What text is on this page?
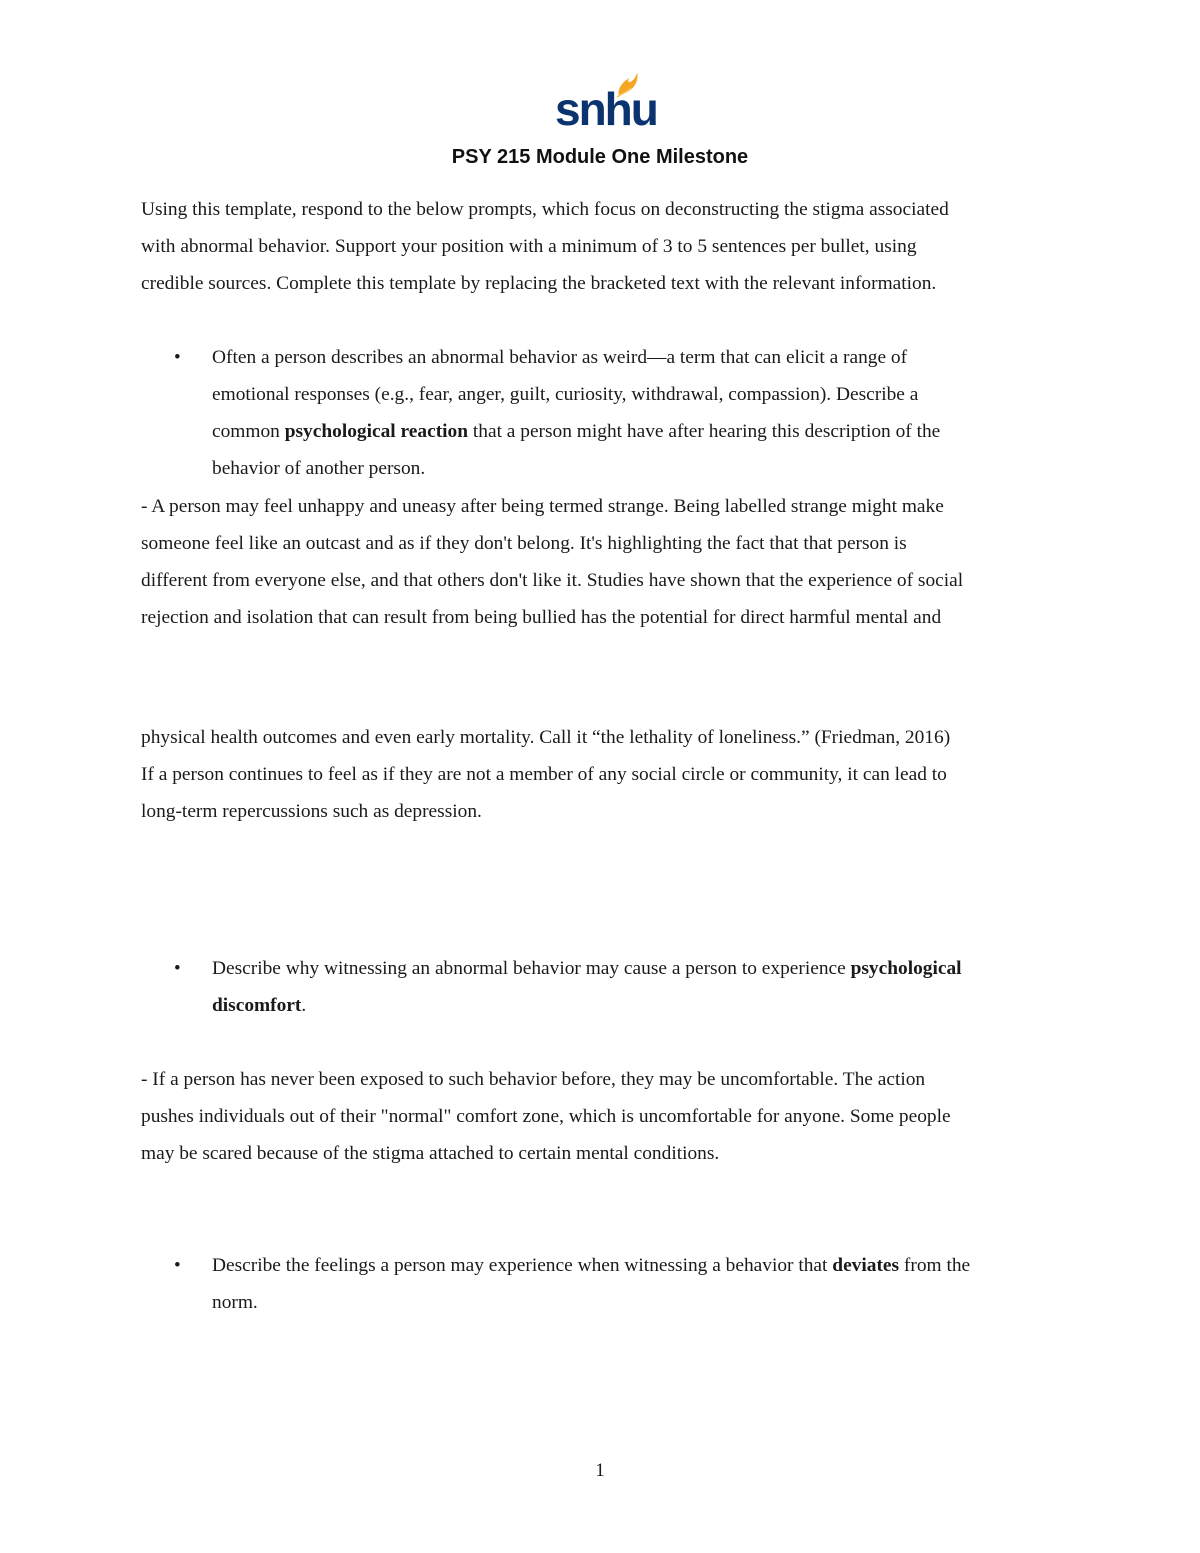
snhu
PSY 215 Module One Milestone
Using this template, respond to the below prompts, which focus on deconstructing the stigma associated
with abnormal behavior. Support your position with a minimum of 3 to 5 sentences per bullet, using
credible sources. Complete this template by replacing the bracketed text with the relevant information.
• Often a person describes an abnormal behavior as weird—a term that can elicit a range of
emotional responses (e.g., fear, anger, guilt, curiosity, withdrawal, compassion). Describe a
common psychological reaction that a person might have after hearing this description of the
behavior of another person.
- A person may feel unhappy and uneasy after being termed strange. Being labelled strange might make
someone feel like an outcast and as if they don't belong. It's highlighting the fact that that person is
different from everyone else, and that others don't like it. Studies have shown that the experience of social
rejection and isolation that can result from being bullied has the potential for direct harmful mental and
physical health outcomes and even early mortality. Call it “the lethality of loneliness.” (Friedman, 2016)
If a person continues to feel as if they are not a member of any social circle or community, it can lead to
long-term repercussions such as depression.
• Describe why witnessing an abnormal behavior may cause a person to experience psychological
discomfort.
- If a person has never been exposed to such behavior before, they may be uncomfortable. The action
pushes individuals out of their "normal" comfort zone, which is uncomfortable for anyone. Some people
may be scared because of the stigma attached to certain mental conditions.
• Describe the feelings a person may experience when witnessing a behavior that deviates from the
norm.
1
